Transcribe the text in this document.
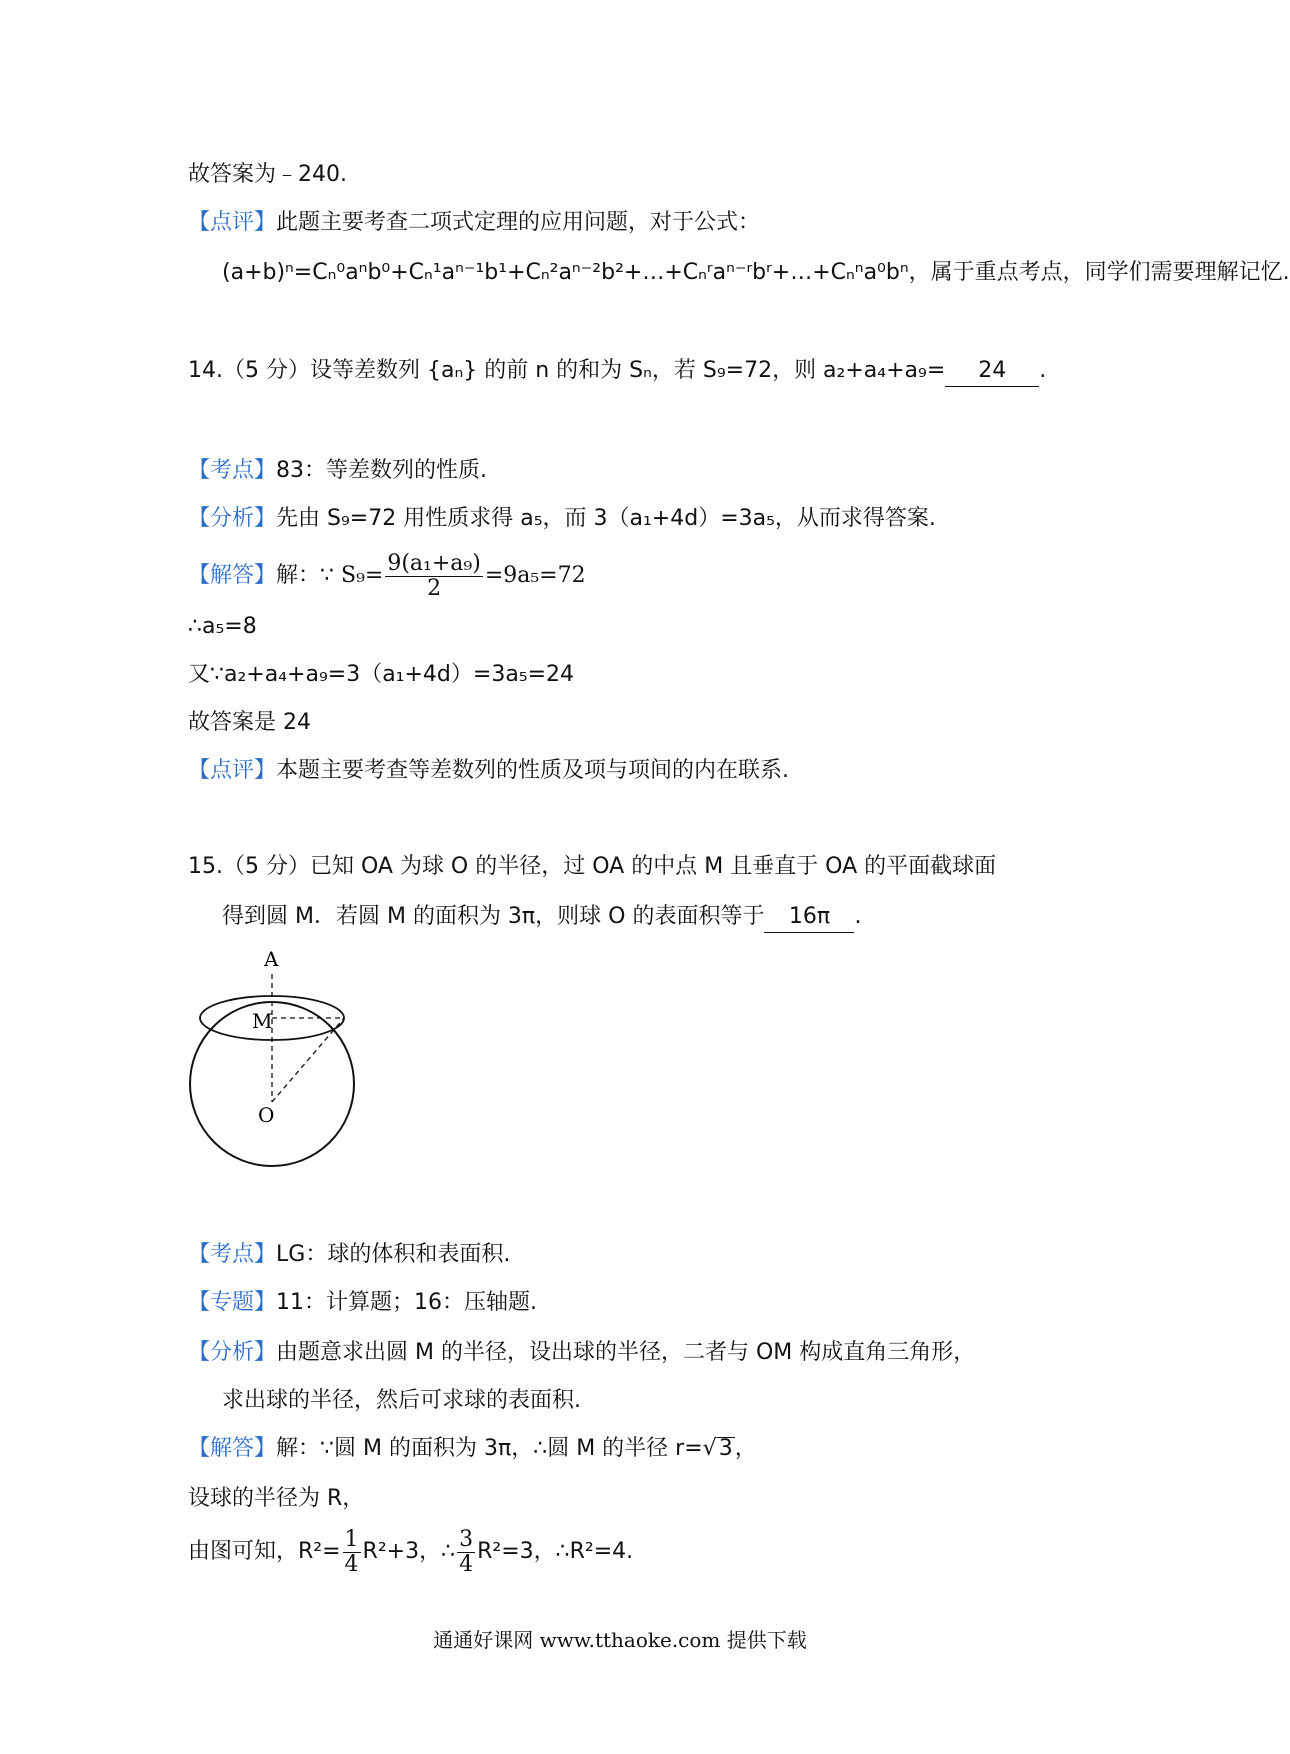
故答案为﹣240.
【点评】此题主要考查二项式定理的应用问题，对于公式：
(a+b)ⁿ=Cₙ⁰aⁿb⁰+Cₙ¹aⁿ⁻¹b¹+Cₙ²aⁿ⁻²b²+…+Cₙʳaⁿ⁻ʳbʳ+…+Cₙⁿa⁰bⁿ，属于重点考点，同学们需要理解记忆.
14.（5 分）设等差数列 {aₙ} 的前 n 的和为 Sₙ，若 S₉=72，则 a₂+a₄+a₉= 24 .
【考点】83：等差数列的性质.
【分析】先由 S₉=72 用性质求得 a₅，而 3（a₁+4d）=3a₅，从而求得答案.
【解答】解：∵ $S_9= \frac{\text{9(a₁+a₉)}}{2} =9a_5=72$
∴a₅=8
又∵a₂+a₄+a₉=3（a₁+4d）=3a₅=24
故答案是 24
【点评】本题主要考查等差数列的性质及项与项间的内在联系.
15.（5 分）已知 OA 为球 O 的半径，过 OA 的中点 M 且垂直于 OA 的平面截球面
得到圆 M．若圆 M 的面积为 3π，则球 O 的表面积等于 16π .
A
M
O
【考点】LG：球的体积和表面积.
【专题】11：计算题；16：压轴题.
【分析】由题意求出圆 M 的半径，设出球的半径，二者与 OM 构成直角三角形，
求出球的半径，然后可求球的表面积.
【解答】解：∵圆 M 的面积为 3π，∴圆 M 的半径 r=√3，
设球的半径为 R，
由图可知，$R^2= \frac{1}{4} R^2+3$，∴ $\frac{3}{4} R^2=3$，∴R²=4.
通通好课网 www.tthaoke.com 提供下载
